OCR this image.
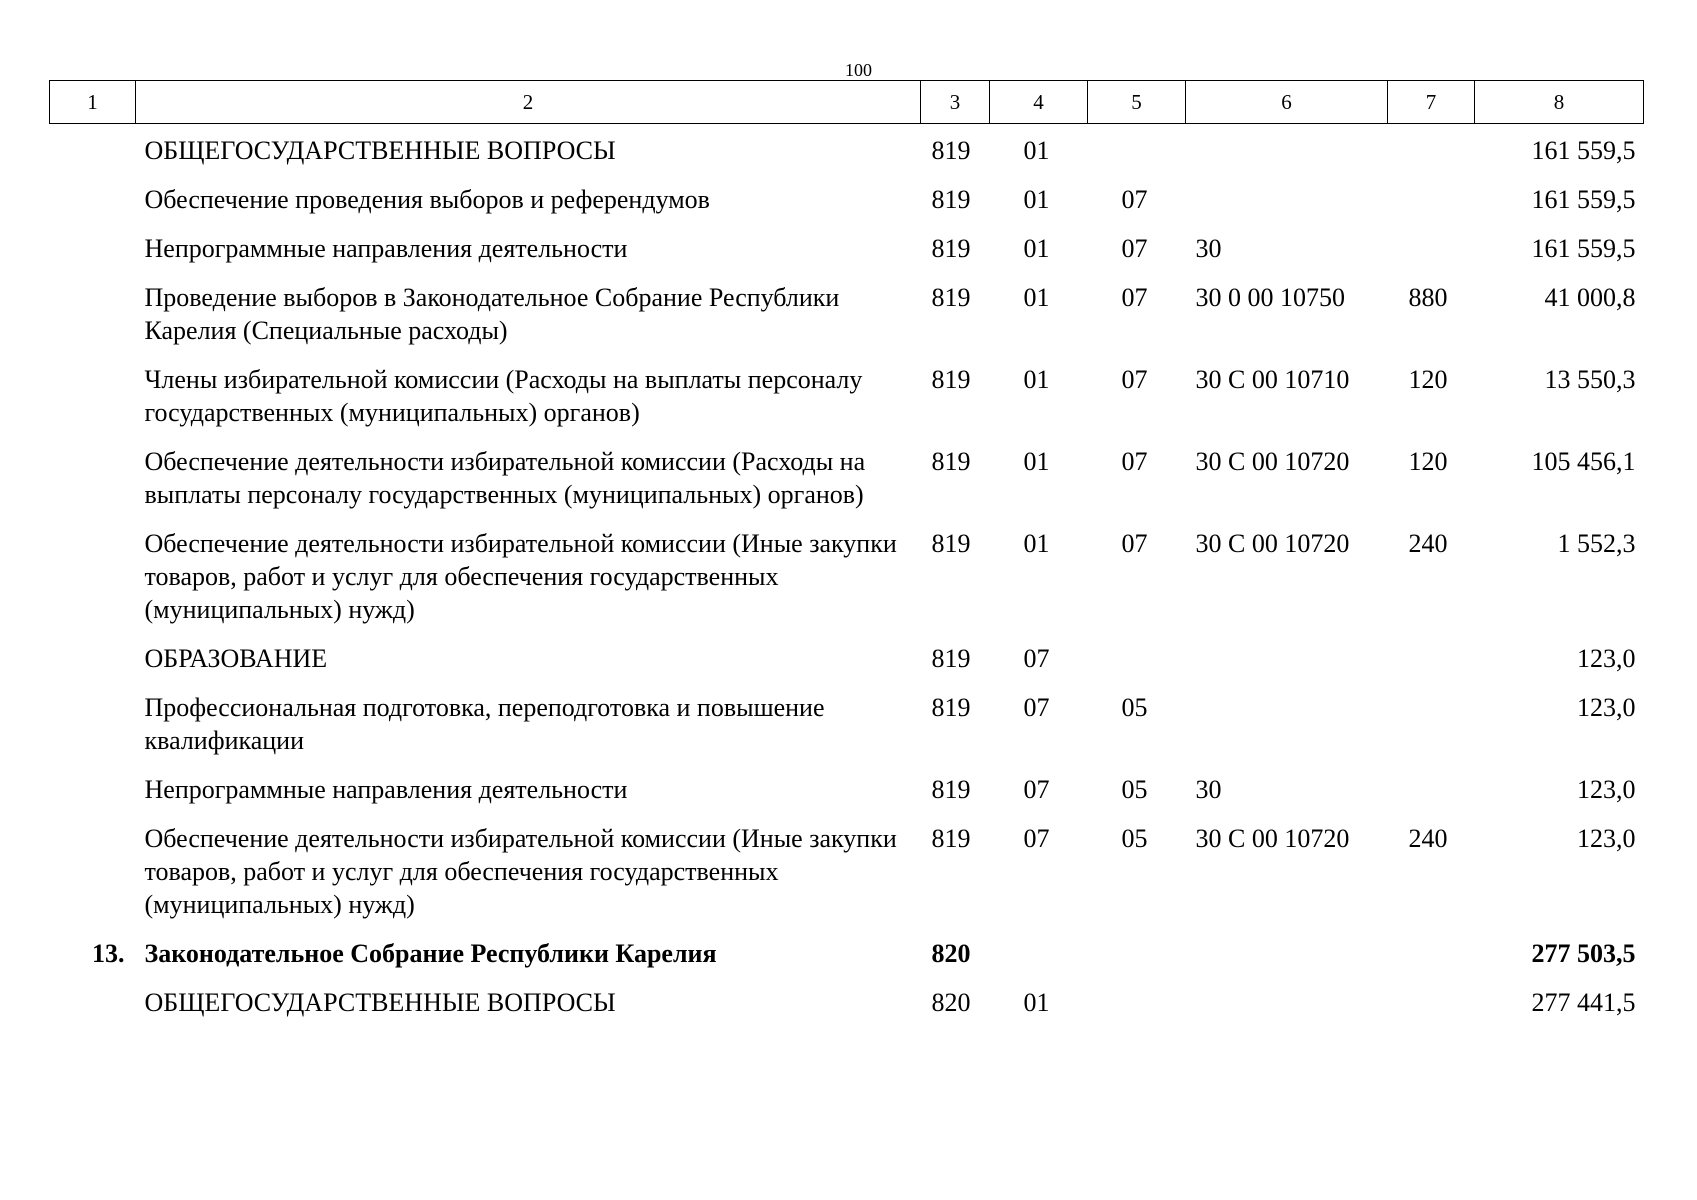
100
1	2	3	4	5	6	7	8
	ОБЩЕГОСУДАРСТВЕННЫЕ ВОПРОСЫ	819	01				161 559,5
	Обеспечение проведения выборов и референдумов	819	01	07			161 559,5
	Непрограммные направления деятельности	819	01	07	30		161 559,5
	Проведение выборов в Законодательное Собрание Республики Карелия (Специальные расходы)	819	01	07	30 0 00 10750	880	41 000,8
	Члены избирательной комиссии (Расходы на выплаты персоналу государственных (муниципальных) органов)	819	01	07	30 С 00 10710	120	13 550,3
	Обеспечение деятельности избирательной комиссии (Расходы на выплаты персоналу государственных (муниципальных) органов)	819	01	07	30 С 00 10720	120	105 456,1
	Обеспечение деятельности избирательной комиссии (Иные закупки товаров, работ и услуг для обеспечения государственных (муниципальных) нужд)	819	01	07	30 С 00 10720	240	1 552,3
	ОБРАЗОВАНИЕ	819	07				123,0
	Профессиональная подготовка, переподготовка и повышение квалификации	819	07	05			123,0
	Непрограммные направления деятельности	819	07	05	30		123,0
	Обеспечение деятельности избирательной комиссии (Иные закупки товаров, работ и услуг для обеспечения государственных (муниципальных) нужд)	819	07	05	30 С 00 10720	240	123,0
13.	Законодательное Собрание Республики Карелия	820					277 503,5
	ОБЩЕГОСУДАРСТВЕННЫЕ ВОПРОСЫ	820	01				277 441,5
